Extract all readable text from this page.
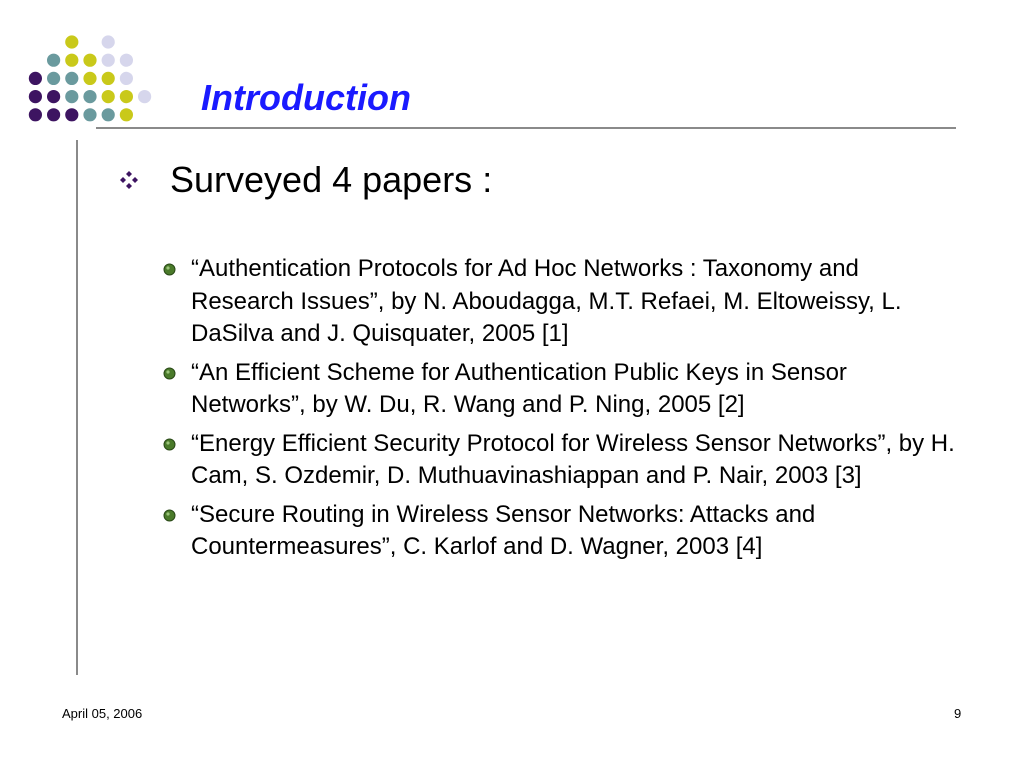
Introduction
Surveyed 4 papers :
“Authentication Protocols for Ad Hoc Networks : Taxonomy and Research Issues”, by N. Aboudagga, M.T. Refaei, M. Eltoweissy, L. DaSilva and J. Quisquater, 2005 [1]
“An Efficient Scheme for Authentication Public Keys in Sensor Networks”, by W. Du, R. Wang and P. Ning, 2005 [2]
“Energy Efficient Security Protocol for Wireless Sensor Networks”, by H. Cam, S. Ozdemir, D. Muthuavinashiappan and P. Nair, 2003 [3]
“Secure Routing in Wireless Sensor Networks: Attacks and Countermeasures”, C. Karlof and D. Wagner, 2003 [4]
April 05, 2006	9
